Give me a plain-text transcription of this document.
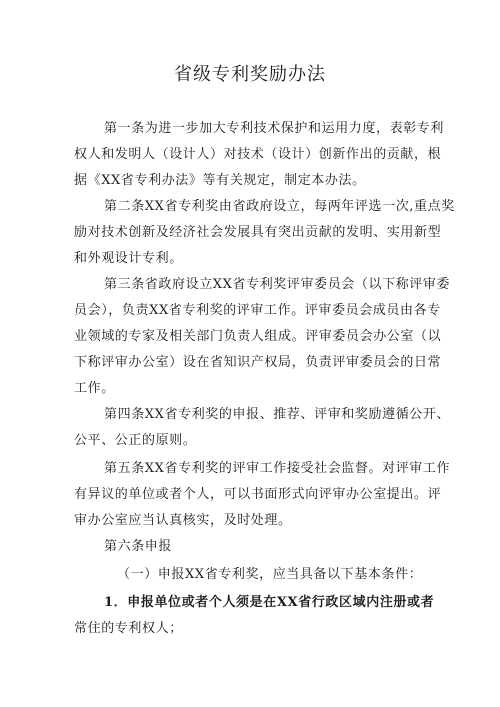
省级专利奖励办法
第一条为进一步加大专利技术保护和运用力度，表彰专利
权人和发明人（设计人）对技术（设计）创新作出的贡献，根
据《XX省专利办法》等有关规定，制定本办法。
第二条XX省专利奖由省政府设立，每两年评选一次,重点奖
励对技术创新及经济社会发展具有突出贡献的发明、实用新型
和外观设计专利。
第三条省政府设立XX省专利奖评审委员会（以下称评审委
员会），负责XX省专利奖的评审工作。评审委员会成员由各专
业领域的专家及相关部门负责人组成。评审委员会办公室（以
下称评审办公室）设在省知识产权局，负责评审委员会的日常
工作。
第四条XX省专利奖的申报、推荐、评审和奖励遵循公开、
公平、公正的原则。
第五条XX省专利奖的评审工作接受社会监督。对评审工作
有异议的单位或者个人，可以书面形式向评审办公室提出。评
审办公室应当认真核实，及时处理。
第六条申报
（一）申报XX省专利奖，应当具备以下基本条件：
1．申报单位或者个人须是在XX省行政区域内注册或者
常住的专利权人；
